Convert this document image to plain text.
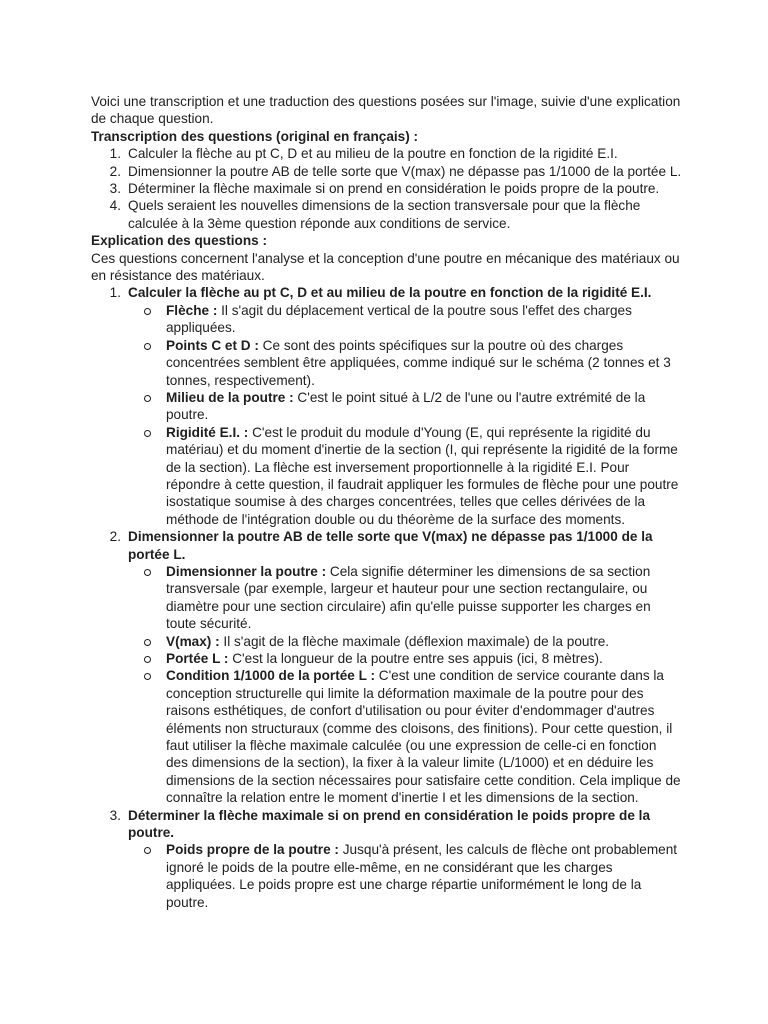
Voici une transcription et une traduction des questions posées sur l'image, suivie d'une explication de chaque question.

Transcription des questions (original en français) :

Calculer la flèche au pt C, D et au milieu de la poutre en fonction de la rigidité E.I.
Dimensionner la poutre AB de telle sorte que V(max) ne dépasse pas 1/1000 de la portée L.
Déterminer la flèche maximale si on prend en considération le poids propre de la poutre.
Quels seraient les nouvelles dimensions de la section transversale pour que la flèche calculée à la 3ème question réponde aux conditions de service.

Explication des questions :

Ces questions concernent l'analyse et la conception d'une poutre en mécanique des matériaux ou en résistance des matériaux.

Calculer la flèche au pt C, D et au milieu de la poutre en fonction de la rigidité E.I.
Flèche : Il s'agit du déplacement vertical de la poutre sous l'effet des charges appliquées.
Points C et D : Ce sont des points spécifiques sur la poutre où des charges concentrées semblent être appliquées, comme indiqué sur le schéma (2 tonnes et 3 tonnes, respectivement).
Milieu de la poutre : C'est le point situé à L/2 de l'une ou l'autre extrémité de la poutre.
Rigidité E.I. : C'est le produit du module d'Young (E, qui représente la rigidité du matériau) et du moment d'inertie de la section (I, qui représente la rigidité de la forme de la section). La flèche est inversement proportionnelle à la rigidité E.I. Pour répondre à cette question, il faudrait appliquer les formules de flèche pour une poutre isostatique soumise à des charges concentrées, telles que celles dérivées de la méthode de l'intégration double ou du théorème de la surface des moments.
Dimensionner la poutre AB de telle sorte que V(max) ne dépasse pas 1/1000 de la portée L.
Dimensionner la poutre : Cela signifie déterminer les dimensions de sa section transversale (par exemple, largeur et hauteur pour une section rectangulaire, ou diamètre pour une section circulaire) afin qu'elle puisse supporter les charges en toute sécurité.
V(max) : Il s'agit de la flèche maximale (déflexion maximale) de la poutre.
Portée L : C'est la longueur de la poutre entre ses appuis (ici, 8 mètres).
Condition 1/1000 de la portée L : C'est une condition de service courante dans la conception structurelle qui limite la déformation maximale de la poutre pour des raisons esthétiques, de confort d'utilisation ou pour éviter d'endommager d'autres éléments non structuraux (comme des cloisons, des finitions). Pour cette question, il faut utiliser la flèche maximale calculée (ou une expression de celle-ci en fonction des dimensions de la section), la fixer à la valeur limite (L/1000) et en déduire les dimensions de la section nécessaires pour satisfaire cette condition. Cela implique de connaître la relation entre le moment d'inertie I et les dimensions de la section.
Déterminer la flèche maximale si on prend en considération le poids propre de la poutre.
Poids propre de la poutre : Jusqu'à présent, les calculs de flèche ont probablement ignoré le poids de la poutre elle-même, en ne considérant que les charges appliquées. Le poids propre est une charge répartie uniformément le long de la poutre.
